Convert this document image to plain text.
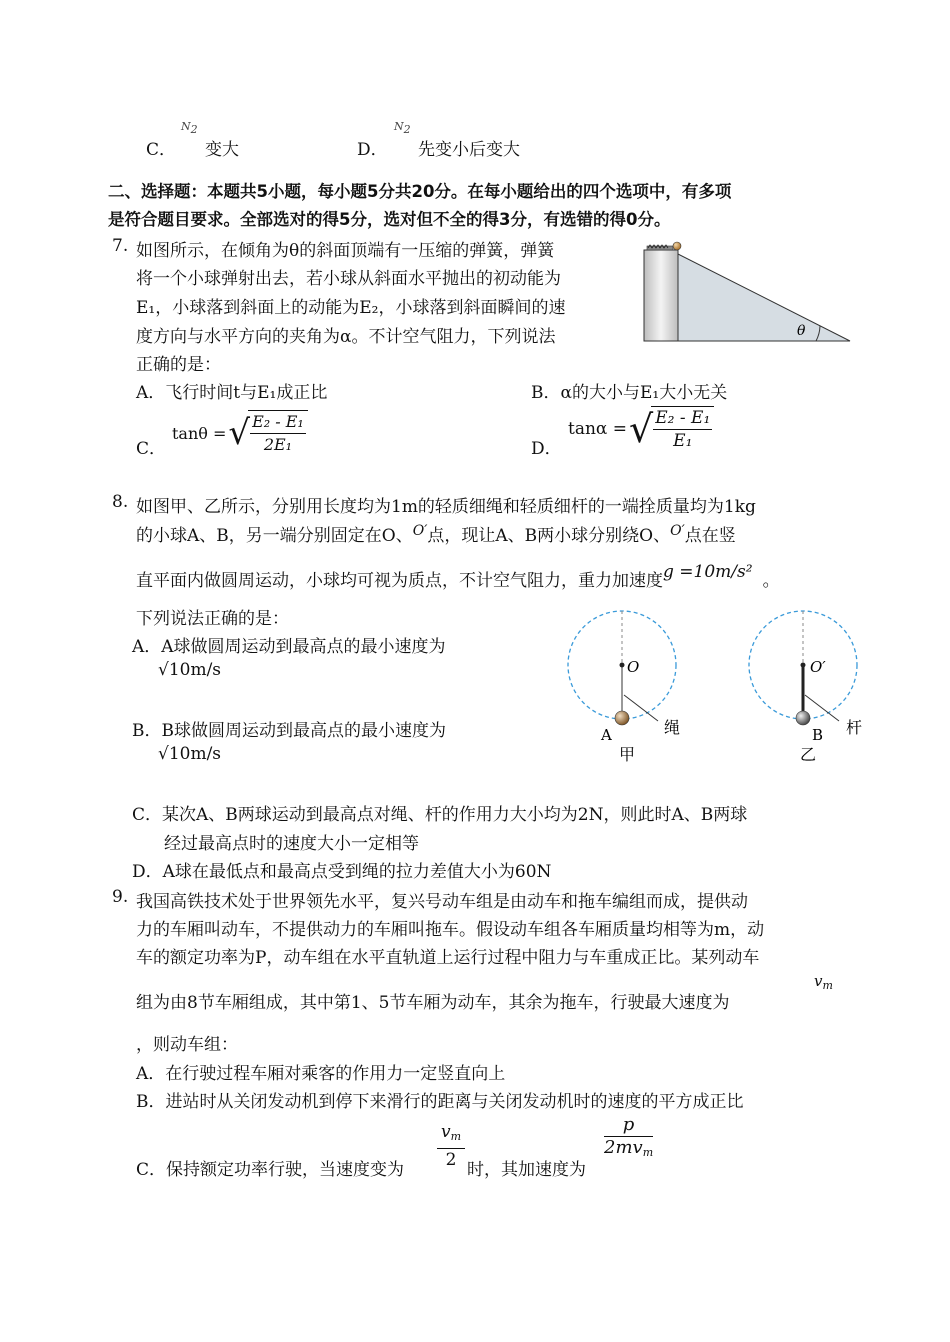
C．
N2
变大	D．
N2
先变小后变大
二、选择题：本题共5小题，每小题5分共20分。在每小题给出的四个选项中，有多项
是符合题目要求。全部选对的得5分，选对但不全的得3分，有选错的得0分。
7. 如图所示，在倾角为θ的斜面顶端有一压缩的弹簧，弹簧
将一个小球弹射出去，若小球从斜面水平抛出的初动能为
E₁，小球落到斜面上的动能为E₂，小球落到斜面瞬间的速
度方向与水平方向的夹角为α。不计空气阻力，下列说法
正确的是：
A．飞行时间t与E₁成正比	B．α的大小与E₁大小无关
C．
tanθ = √
$\frac{\text{E₂ - E₁}}{\text{2E₁}}$	D．
tanα = √
$\frac{\text{E₂ - E₁}}{\text{E₁}}$
θ
8. 如图甲、乙所示，分别用长度均为1m的轻质细绳和轻质细杆的一端拴质量均为1kg
的小球A、B，另一端分别固定在O、$^{O'}$点，现让A、B两小球分别绕O、$^{O'}$点在竖
直平面内做圆周运动，小球均可视为质点，不计空气阻力，重力加速度g =10m/s² 。
下列说法正确的是：
A．A球做圆周运动到最高点的最小速度为
√10m/s
B．B球做圆周运动到最高点的最小速度为
√10m/s
C．某次A、B两球运动到最高点对绳、杆的作用力大小均为2N，则此时A、B两球
经过最高点时的速度大小一定相等
D．A球在最低点和最高点受到绳的拉力差值大小为60N
O
绳
A
甲
O′
杆
B
乙
9. 我国高铁技术处于世界领先水平，复兴号动车组是由动车和拖车编组而成，提供动
力的车厢叫动车，不提供动力的车厢叫拖车。假设动车组各车厢质量均相等为m，动
车的额定功率为P，动车组在水平直轨道上运行过程中阻力与车重成正比。某列动车
组为由8节车厢组成，其中第1、5节车厢为动车，其余为拖车，行驶最大速度为
$v_m$
，则动车组：
A．在行驶过程车厢对乘客的作用力一定竖直向上
B．进站时从关闭发动机到停下来滑行的距离与关闭发动机时的速度的平方成正比
C．保持额定功率行驶，当速度变为 $\frac{v_m}{2}$ 时，其加速度为
$\frac{p}{2mv_m}$
